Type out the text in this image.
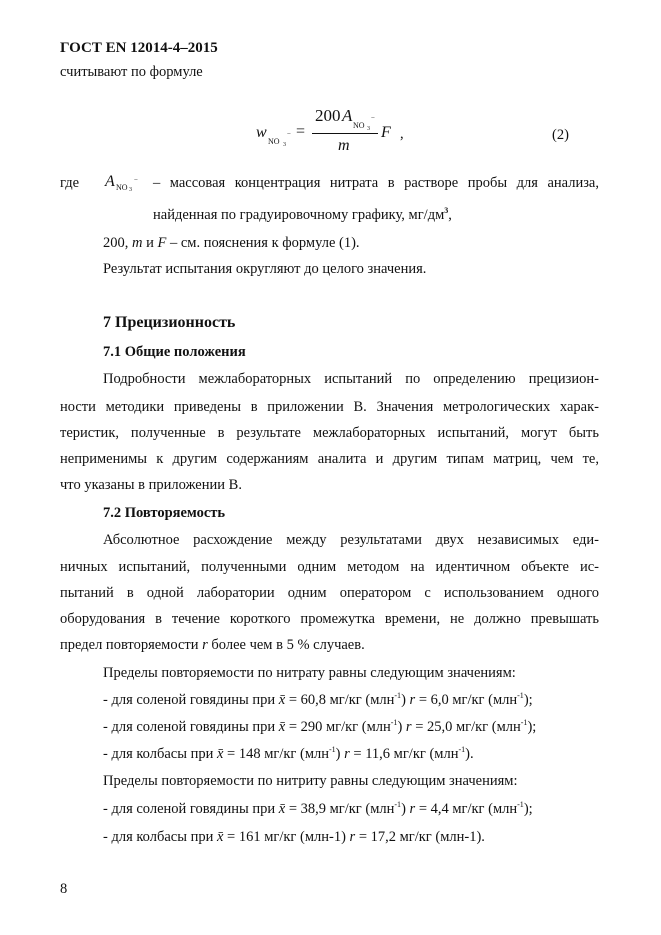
ГОСТ EN 12014-4–2015
считывают по формуле
w
NO 3
− =
200 A
NO 3
−
m
F ,	(2)
где A NO 3
− – массовая концентрация нитрата в растворе пробы для анализа,
найденная по градуировочному графику, $мг/дм^3$,
200, m и F – см. пояснения к формуле (1).
Результат испытания округляют до целого значения.
7 Прецизионность
7.1 Общие положения
Подробности межлабораторных испытаний по определению прецизион-
ности методики приведены в приложении В. Значения метрологических харак-
теристик, полученные в результате межлабораторных испытаний, могут быть
неприменимы к другим содержаниям аналита и другим типам матриц, чем те,
что указаны в приложении В.
7.2 Повторяемость
Абсолютное расхождение между результатами двух независимых еди-
ничных испытаний, полученными одним методом на идентичном объекте ис-
пытаний в одной лаборатории одним оператором с использованием одного
оборудования в течение короткого промежутка времени, не должно превышать
предел повторяемости r более чем в 5 % случаев.
Пределы повторяемости по нитрату равны следующим значениям:
- для соленой говядины при x̄ = 60,8 мг/кг (млн$^{-1}$) r = 6,0 мг/кг (млн$^{-1}$);
- для соленой говядины при x̄ = 290 мг/кг (млн$^{-1}$) r = 25,0 мг/кг (млн$^{-1}$);
- для колбасы при x̄ = 148 мг/кг (млн$^{-1}$) r = 11,6 мг/кг (млн$^{-1}$).
Пределы повторяемости по нитриту равны следующим значениям:
- для соленой говядины при x̄ = 38,9 мг/кг (млн$^{-1}$) r = 4,4 мг/кг (млн$^{-1}$);
- для колбасы при x̄ = 161 мг/кг (млн-1) r = 17,2 мг/кг (млн-1).
8
